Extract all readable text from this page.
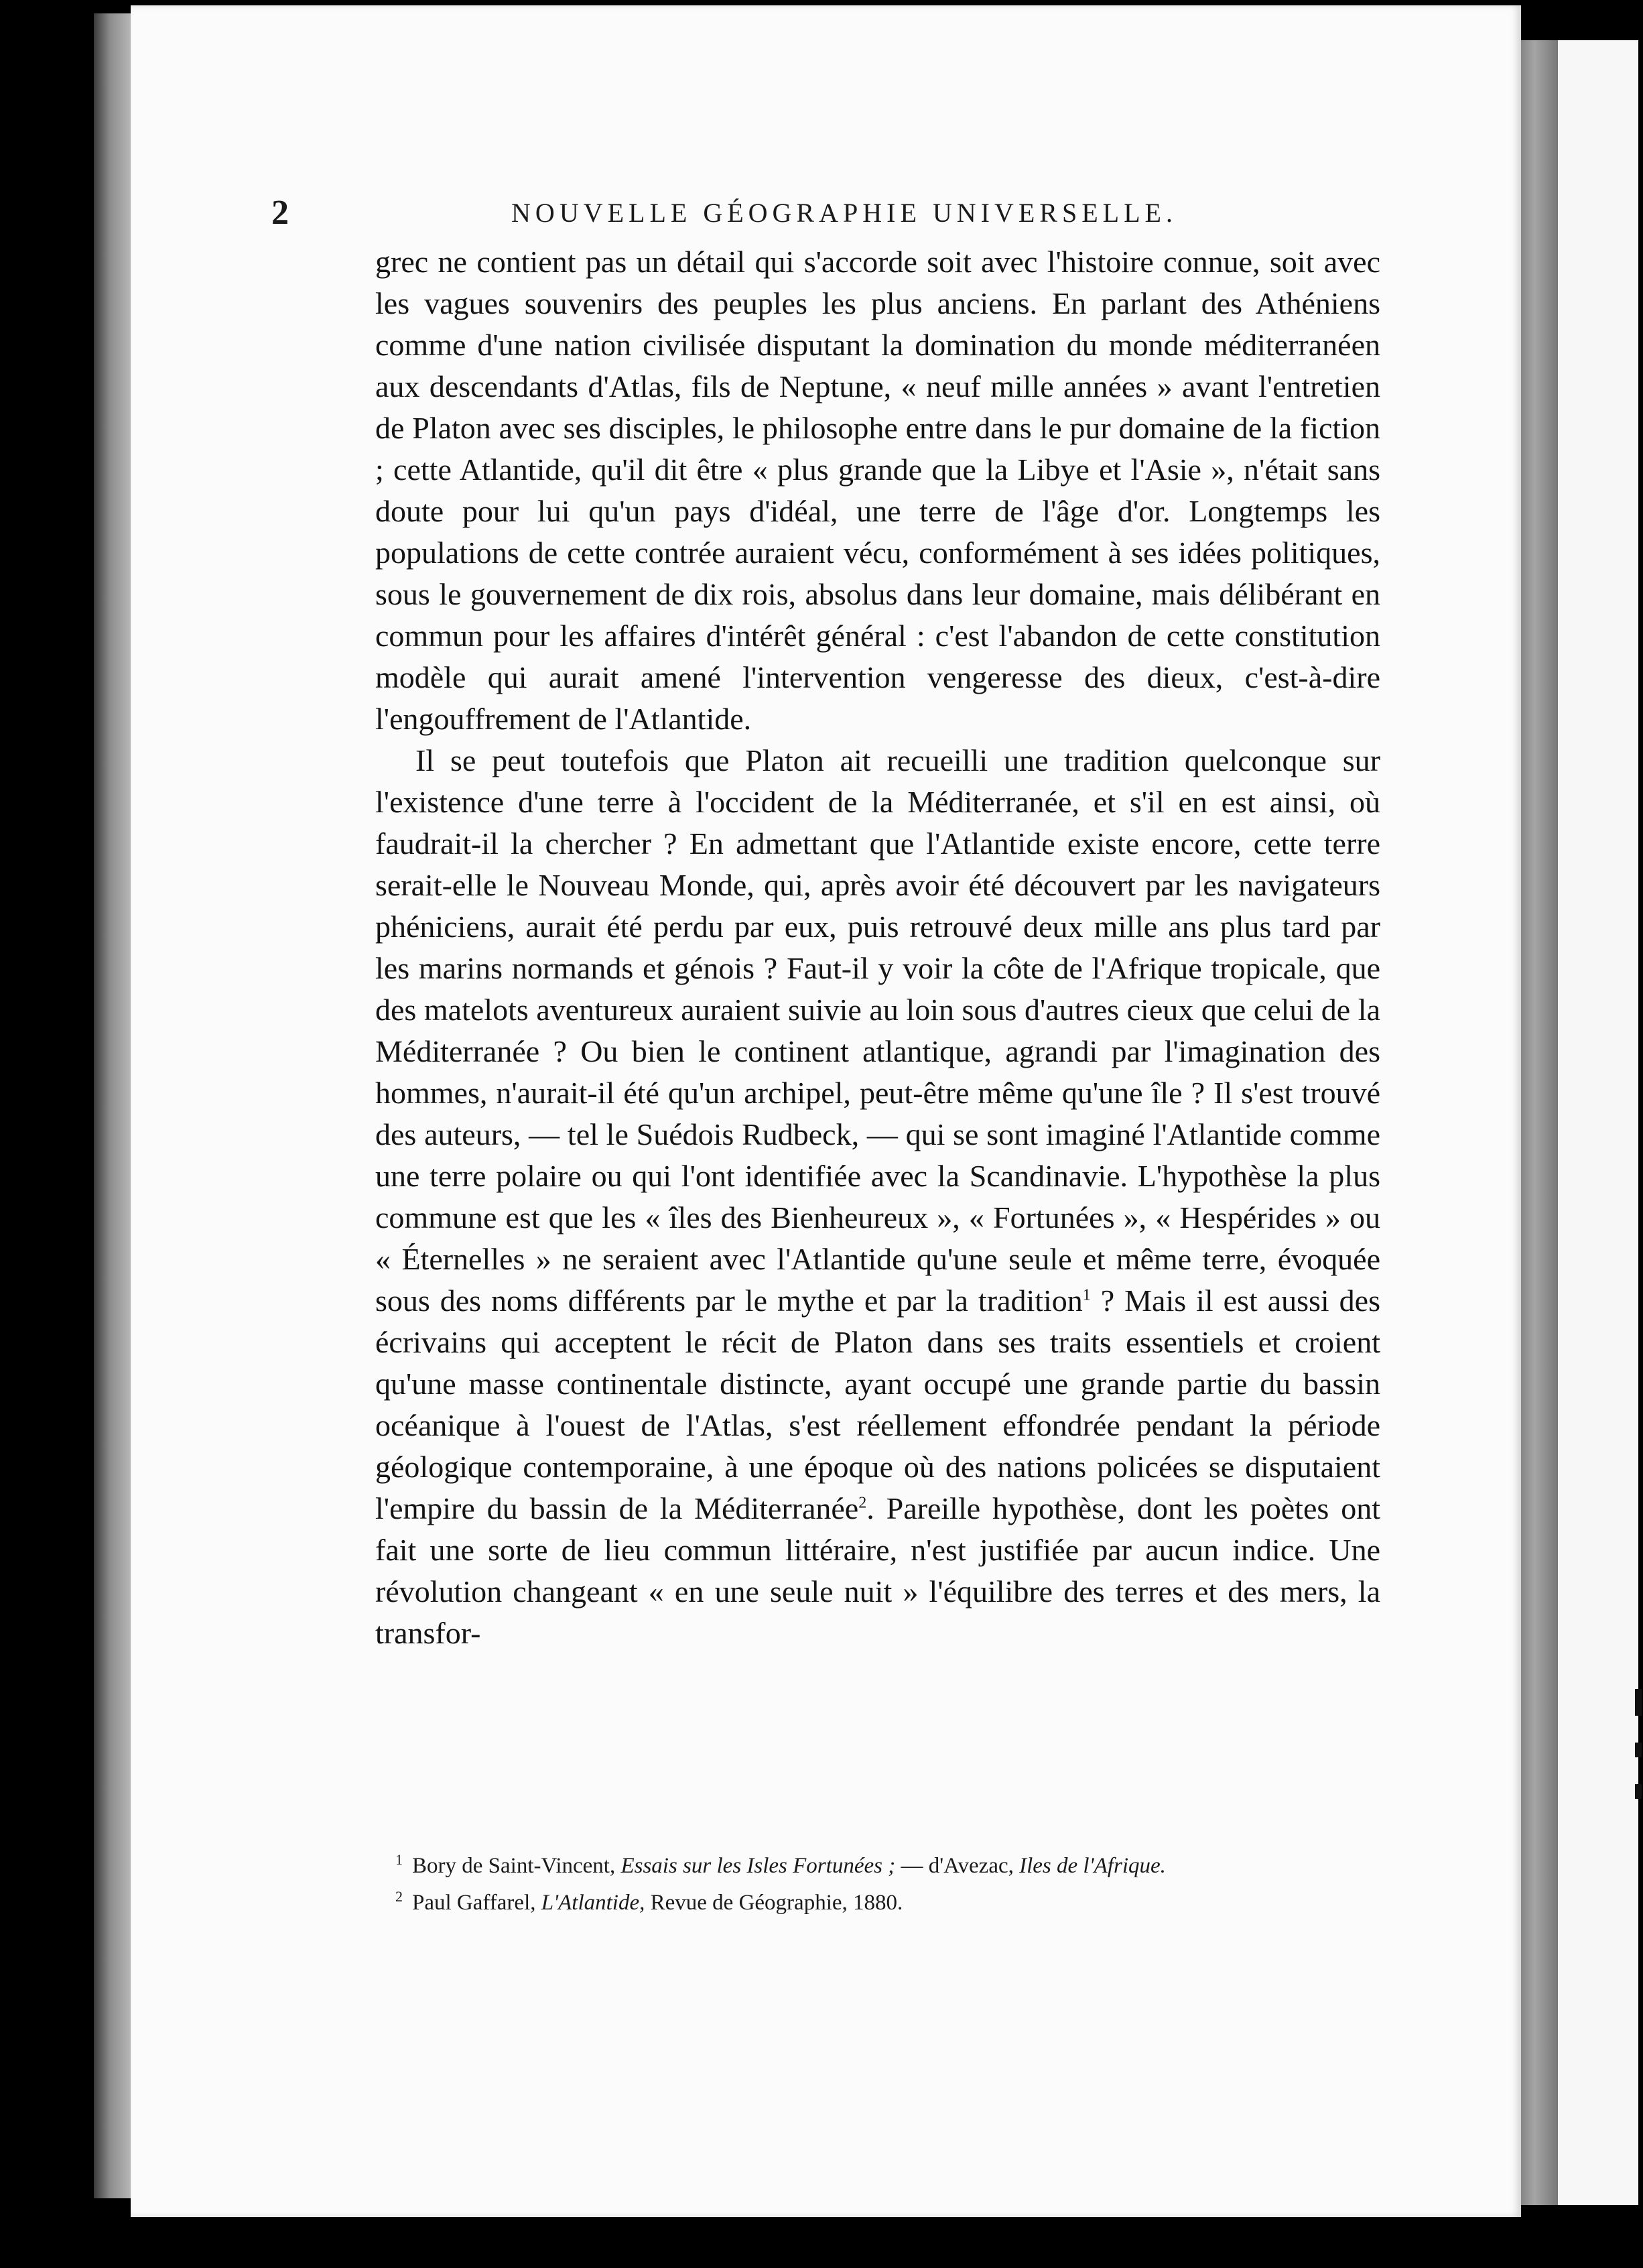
2	NOUVELLE GÉOGRAPHIE UNIVERSELLE.

grec ne contient pas un détail qui s'accorde soit avec l'histoire connue, soit avec les vagues souvenirs des peuples les plus anciens. En parlant des Athéniens comme d'une nation civilisée disputant la domination du monde méditerranéen aux descendants d'Atlas, fils de Neptune, « neuf mille années » avant l'entretien de Platon avec ses disciples, le philosophe entre dans le pur domaine de la fiction ; cette Atlantide, qu'il dit être « plus grande que la Libye et l'Asie », n'était sans doute pour lui qu'un pays d'idéal, une terre de l'âge d'or. Longtemps les populations de cette contrée auraient vécu, conformément à ses idées politiques, sous le gouvernement de dix rois, absolus dans leur domaine, mais délibérant en commun pour les affaires d'intérêt général : c'est l'abandon de cette constitution modèle qui aurait amené l'intervention vengeresse des dieux, c'est-à-dire l'engouffrement de l'Atlantide.

Il se peut toutefois que Platon ait recueilli une tradition quelconque sur l'existence d'une terre à l'occident de la Méditerranée, et s'il en est ainsi, où faudrait-il la chercher ? En admettant que l'Atlantide existe encore, cette terre serait-elle le Nouveau Monde, qui, après avoir été découvert par les navigateurs phéniciens, aurait été perdu par eux, puis retrouvé deux mille ans plus tard par les marins normands et génois ? Faut-il y voir la côte de l'Afrique tropicale, que des matelots aventureux auraient suivie au loin sous d'autres cieux que celui de la Méditerranée ? Ou bien le continent atlantique, agrandi par l'imagination des hommes, n'aurait-il été qu'un archipel, peut-être même qu'une île ? Il s'est trouvé des auteurs, — tel le Suédois Rudbeck, — qui se sont imaginé l'Atlantide comme une terre polaire ou qui l'ont identifiée avec la Scandinavie. L'hypothèse la plus commune est que les « îles des Bienheureux », « Fortunées », « Hespérides » ou « Éternelles » ne seraient avec l'Atlantide qu'une seule et même terre, évoquée sous des noms différents par le mythe et par la tradition$^1$ ? Mais il est aussi des écrivains qui acceptent le récit de Platon dans ses traits essentiels et croient qu'une masse continentale distincte, ayant occupé une grande partie du bassin océanique à l'ouest de l'Atlas, s'est réellement effondrée pendant la période géologique contemporaine, à une époque où des nations policées se disputaient l'empire du bassin de la Méditerranée$^2$. Pareille hypothèse, dont les poètes ont fait une sorte de lieu commun littéraire, n'est justifiée par aucun indice. Une révolution changeant « en une seule nuit » l'équilibre des terres et des mers, la transfor-

$^1$ Bory de Saint-Vincent, Essais sur les Isles Fortunées ; — d'Avezac, Iles de l'Afrique.

$^2$ Paul Gaffarel, L'Atlantide, Revue de Géographie, 1880.
